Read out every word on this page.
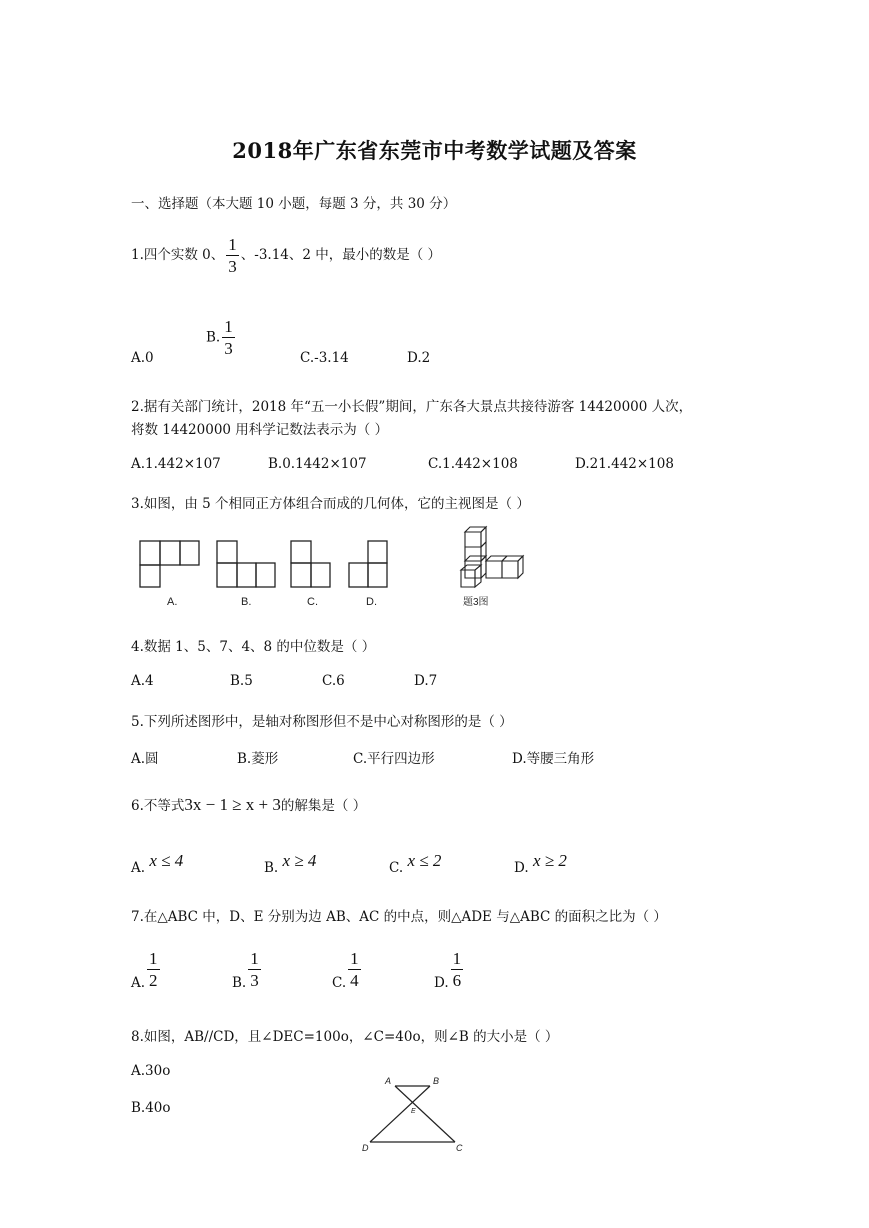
2018年广东省东莞市中考数学试题及答案
一、选择题（本大题 10 小题，每题 3 分，共 30 分）
1.四个实数 0、 $\frac{1}{3}$ 、-3.14、2 中，最小的数是（ ）
A.0
B. $\frac{1}{3}$
C.-3.14	D.2
2.据有关部门统计，2018 年“五一小长假”期间，广东各大景点共接待游客 14420000 人次，
将数 14420000 用科学记数法表示为（ ）
A.1.442×107	B.0.1442×107	C.1.442×108	D.21.442×108
3.如图，由 5 个相同正方体组合而成的几何体，它的主视图是（ ）
A.	B.	C.	D.	题3图
4.数据 1、5、7、4、8 的中位数是（ ）
A.4	B.5	C.6	D.7
5.下列所述图形中，是轴对称图形但不是中心对称图形的是（ ）
A.圆	B.菱形	C.平行四边形	D.等腰三角形
6.不等式3x − 1 ≥ x + 3的解集是（ ）
A. x ≤ 4	B. x ≥ 4	C. x ≤ 2	D. x ≥ 2
7.在△ABC 中，D、E 分别为边 AB、AC 的中点，则△ADE 与△ABC 的面积之比为（ ）
A. $\frac{1}{2}$	B. $\frac{1}{3}$	C. $\frac{1}{4}$	D. $\frac{1}{6}$
8.如图，AB//CD，且∠DEC=100o，∠C=40o，则∠B 的大小是（ ）
A.30o
B.40o
A	B
E
D	C
